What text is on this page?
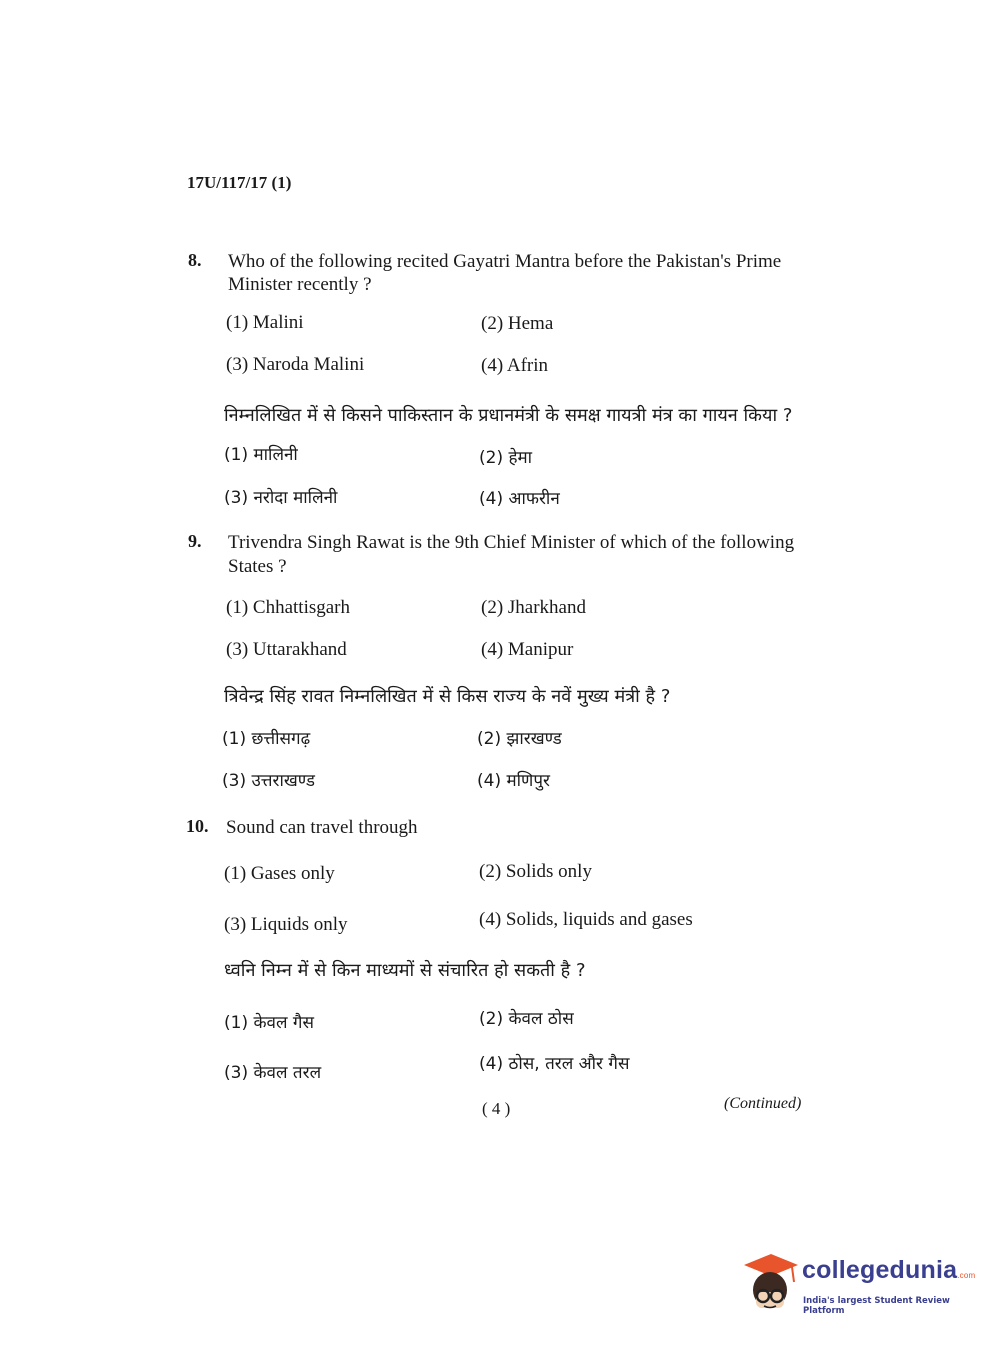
17U/117/17 (1)
8. Who of the following recited Gayatri Mantra before the Pakistan's Prime
Minister recently ?
(1) Malini	(2) Hema
(3) Naroda Malini	(4) Afrin
निम्नलिखित में से किसने पाकिस्तान के प्रधानमंत्री के समक्ष गायत्री मंत्र का गायन किया ?
(1) मालिनी	(2) हेमा
(3) नरोदा मालिनी	(4) आफरीन
9. Trivendra Singh Rawat is the 9th Chief Minister of which of the following
States ?
(1) Chhattisgarh	(2) Jharkhand
(3) Uttarakhand	(4) Manipur
त्रिवेन्द्र सिंह रावत निम्नलिखित में से किस राज्य के नवें मुख्य मंत्री है ?
(1) छत्तीसगढ़	(2) झारखण्ड
(3) उत्तराखण्ड	(4) मणिपुर
10. Sound can travel through
(1) Gases only	(2) Solids only
(3) Liquids only	(4) Solids, liquids and gases
ध्वनि निम्न में से किन माध्यमों से संचारित हो सकती है ?
(1) केवल गैस	(2) केवल ठोस
(3) केवल तरल	(4) ठोस, तरल और गैस
( 4 )	(Continued)
collegedunia.com
India's largest Student Review Platform
